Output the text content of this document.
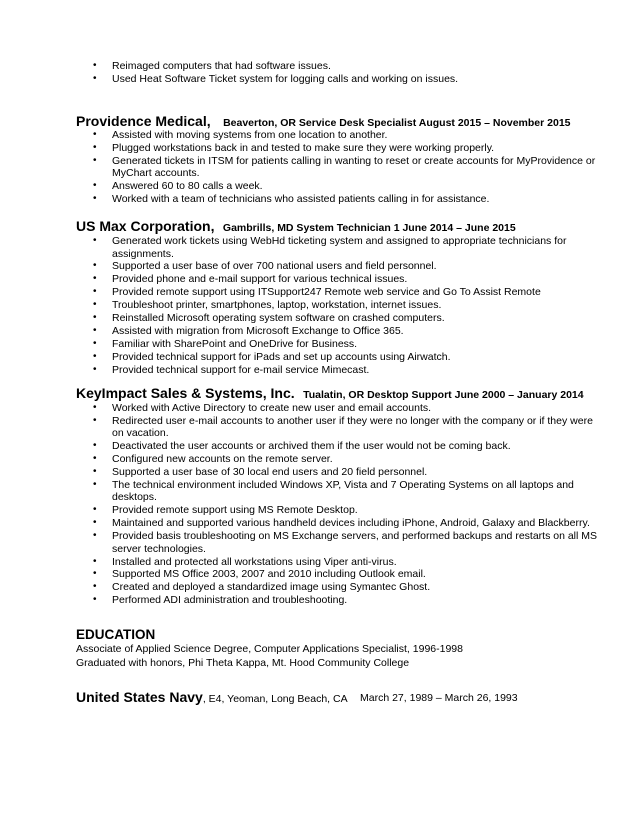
• Reimaged computers that had software issues.
• Used Heat Software Ticket system for logging calls and working on issues.
Providence Medical, Beaverton, OR Service Desk Specialist August 2015 – November 2015
• Assisted with moving systems from one location to another.
• Plugged workstations back in and tested to make sure they were working properly.
• Generated tickets in ITSM for patients calling in wanting to reset or create accounts for MyProvidence or MyChart accounts.
• Answered 60 to 80 calls a week.
• Worked with a team of technicians who assisted patients calling in for assistance.
US Max Corporation, Gambrills, MD System Technician 1 June 2014 – June 2015
• Generated work tickets using WebHd ticketing system and assigned to appropriate technicians for assignments.
• Supported a user base of over 700 national users and field personnel.
• Provided phone and e-mail support for various technical issues.
• Provided remote support using ITSupport247 Remote web service and Go To Assist Remote
• Troubleshoot printer, smartphones, laptop, workstation, internet issues.
• Reinstalled Microsoft operating system software on crashed computers.
• Assisted with migration from Microsoft Exchange to Office 365.
• Familiar with SharePoint and OneDrive for Business.
• Provided technical support for iPads and set up accounts using Airwatch.
• Provided technical support for e-mail service Mimecast.
KeyImpact Sales & Systems, Inc. Tualatin, OR Desktop Support June 2000 – January 2014
• Worked with Active Directory to create new user and email accounts.
• Redirected user e-mail accounts to another user if they were no longer with the company or if they were on vacation.
• Deactivated the user accounts or archived them if the user would not be coming back.
• Configured new accounts on the remote server.
• Supported a user base of 30 local end users and 20 field personnel.
• The technical environment included Windows XP, Vista and 7 Operating Systems on all laptops and desktops.
• Provided remote support using MS Remote Desktop.
• Maintained and supported various handheld devices including iPhone, Android, Galaxy and Blackberry.
• Provided basis troubleshooting on MS Exchange servers, and performed backups and restarts on all MS server technologies.
• Installed and protected all workstations using Viper anti-virus.
• Supported MS Office 2003, 2007 and 2010 including Outlook email.
• Created and deployed a standardized image using Symantec Ghost.
• Performed ADI administration and troubleshooting.
EDUCATION
Associate of Applied Science Degree, Computer Applications Specialist, 1996-1998
Graduated with honors, Phi Theta Kappa, Mt. Hood Community College
United States Navy, E4, Yeoman, Long Beach, CA March 27, 1989 – March 26, 1993
